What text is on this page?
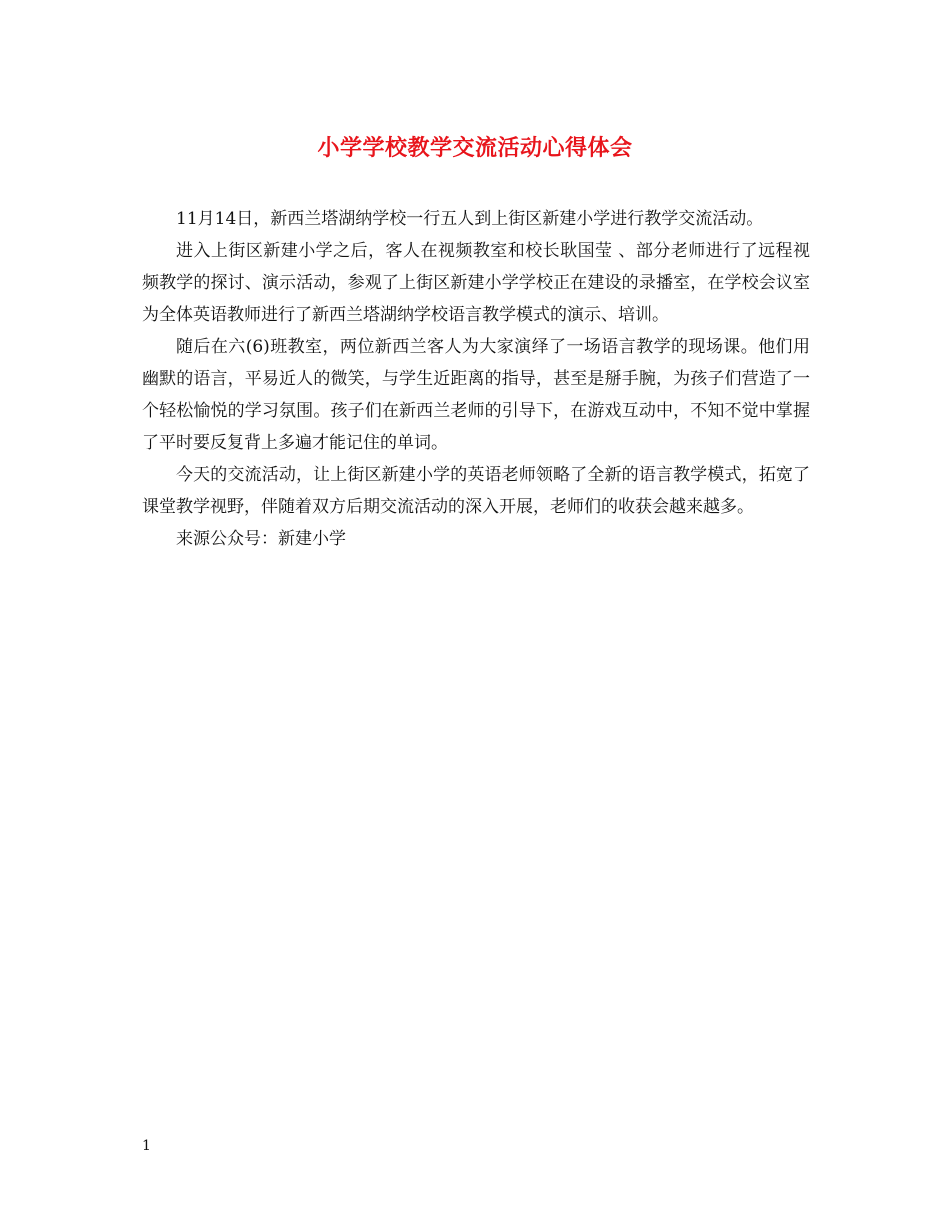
小学学校教学交流活动心得体会

11月14日，新西兰塔湖纳学校一行五人到上街区新建小学进行教学交流活动。

进入上街区新建小学之后，客人在视频教室和校长耿国莹 、部分老师进行了远程视频教学的探讨、演示活动，参观了上街区新建小学学校正在建设的录播室，在学校会议室为全体英语教师进行了新西兰塔湖纳学校语言教学模式的演示、培训。

随后在六(6)班教室，两位新西兰客人为大家演绎了一场语言教学的现场课。他们用幽默的语言，平易近人的微笑，与学生近距离的指导，甚至是掰手腕，为孩子们营造了一个轻松愉悦的学习氛围。孩子们在新西兰老师的引导下，在游戏互动中，不知不觉中掌握了平时要反复背上多遍才能记住的单词。

今天的交流活动，让上街区新建小学的英语老师领略了全新的语言教学模式，拓宽了课堂教学视野，伴随着双方后期交流活动的深入开展，老师们的收获会越来越多。

来源公众号：新建小学

1
